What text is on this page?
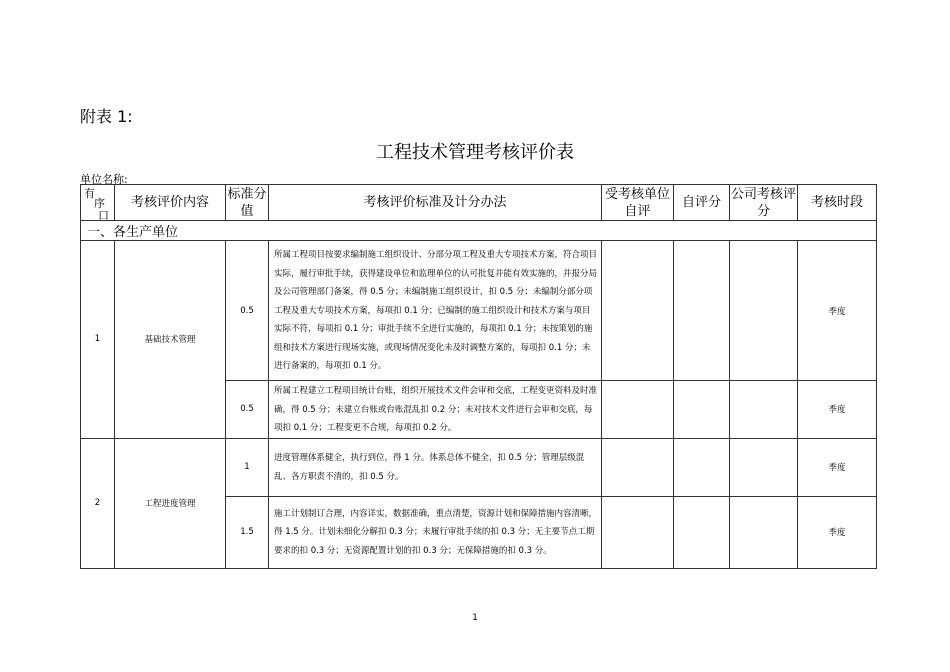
附表 1:
工程技术管理考核评价表
单位名称:
有
序
口	考核评价内容	标准分值	考核评价标准及计分办法	受考核单位自评	自评分	公司考核评分	考核时段
一、各生产单位							
1	基础技术管理	0.5	所属工程项目按要求编制施工组织设计、分部分项工程及重大专项技术方案，符合项目实际，履行审批手续，获得建设单位和监理单位的认可批复并能有效实施的，并报分局及公司管理部门备案，得 0.5 分；未编制施工组织设计，扣 0.5 分；未编制分部分项工程及重大专项技术方案，每项扣 0.1 分；已编制的施工组织设计和技术方案与项目实际不符，每项扣 0.1 分；审批手续不全进行实施的，每项扣 0.1 分；未按策划的施组和技术方案进行现场实施，或现场情况变化未及时调整方案的，每项扣 0.1 分；未进行备案的，每项扣 0.1 分。				季度
		0.5	所属工程建立工程项目统计台账，组织开展技术文件会审和交底，工程变更资料及时准确，得 0.5 分；未建立台账或台账混乱扣 0.2 分；未对技术文件进行会审和交底，每项扣 0.1 分；工程变更不合规，每项扣 0.2 分。				季度
2	工程进度管理	1	进度管理体系健全，执行到位，得 1 分。体系总体不健全，扣 0.5 分；管理层级混乱、各方职责不清的，扣 0.5 分。				季度
		1.5	施工计划制订合理，内容详实，数据准确，重点清楚，资源计划和保障措施内容清晰，得 1.5 分。计划未细化分解扣 0.3 分；未履行审批手续的扣 0.3 分；无主要节点工期要求的扣 0.3 分；无资源配置计划的扣 0.3 分；无保障措施的扣 0.3 分。				季度
1
